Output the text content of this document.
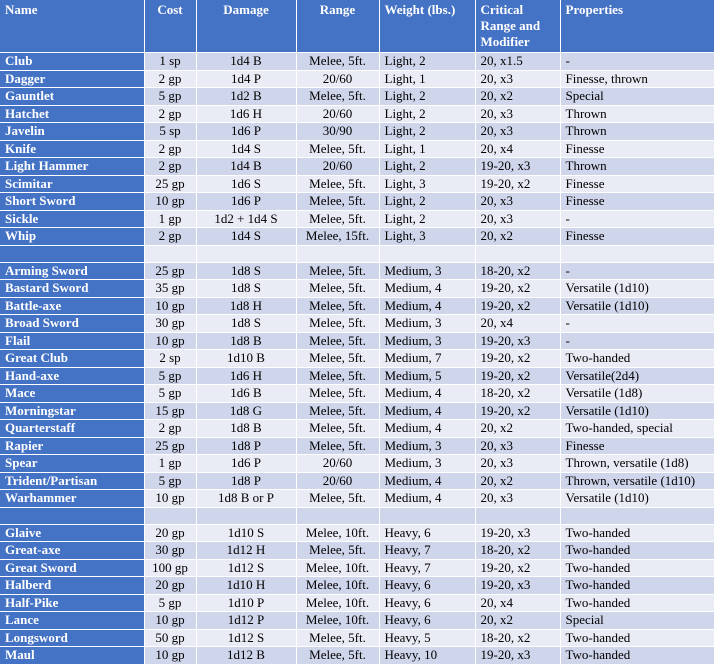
Name	Cost	Damage	Range	Weight (lbs.)	Critical Range and Modifier	Properties
Club	1 sp	1d4 B	Melee, 5ft.	Light, 2	20, x1.5	-
Dagger	2 gp	1d4 P	20/60	Light, 1	20, x3	Finesse, thrown
Gauntlet	5 gp	1d2 B	Melee, 5ft.	Light, 2	20, x2	Special
Hatchet	2 gp	1d6 H	20/60	Light, 2	20, x3	Thrown
Javelin	5 sp	1d6 P	30/90	Light, 2	20, x3	Thrown
Knife	2 gp	1d4 S	Melee, 5ft.	Light, 1	20, x4	Finesse
Light Hammer	2 gp	1d4 B	20/60	Light, 2	19-20, x3	Thrown
Scimitar	25 gp	1d6 S	Melee, 5ft.	Light, 3	19-20, x2	Finesse
Short Sword	10 gp	1d6 P	Melee, 5ft.	Light, 2	20, x3	Finesse
Sickle	1 gp	1d2 + 1d4 S	Melee, 5ft.	Light, 2	20, x3	-
Whip	2 gp	1d4 S	Melee, 15ft.	Light, 3	20, x2	Finesse

Arming Sword	25 gp	1d8 S	Melee, 5ft.	Medium, 3	18-20, x2	-
Bastard Sword	35 gp	1d8 S	Melee, 5ft.	Medium, 4	19-20, x2	Versatile (1d10)
Battle-axe	10 gp	1d8 H	Melee, 5ft.	Medium, 4	19-20, x2	Versatile (1d10)
Broad Sword	30 gp	1d8 S	Melee, 5ft.	Medium, 3	20, x4	-
Flail	10 gp	1d8 B	Melee, 5ft.	Medium, 3	19-20, x3	-
Great Club	2 sp	1d10 B	Melee, 5ft.	Medium, 7	19-20, x2	Two-handed
Hand-axe	5 gp	1d6 H	Melee, 5ft.	Medium, 5	19-20, x2	Versatile(2d4)
Mace	5 gp	1d6 B	Melee, 5ft.	Medium, 4	18-20, x2	Versatile (1d8)
Morningstar	15 gp	1d8 G	Melee, 5ft.	Medium, 4	19-20, x2	Versatile (1d10)
Quarterstaff	2 gp	1d8 B	Melee, 5ft.	Medium, 4	20, x2	Two-handed, special
Rapier	25 gp	1d8 P	Melee, 5ft.	Medium, 3	20, x3	Finesse
Spear	1 gp	1d6 P	20/60	Medium, 3	20, x3	Thrown, versatile (1d8)
Trident/Partisan	5 gp	1d8 P	20/60	Medium, 4	20, x2	Thrown, versatile (1d10)
Warhammer	10 gp	1d8 B or P	Melee, 5ft.	Medium, 4	20, x3	Versatile (1d10)

Glaive	20 gp	1d10 S	Melee, 10ft.	Heavy, 6	19-20, x3	Two-handed
Great-axe	30 gp	1d12 H	Melee, 5ft.	Heavy, 7	18-20, x2	Two-handed
Great Sword	100 gp	1d12 S	Melee, 10ft.	Heavy, 7	19-20, x2	Two-handed
Halberd	20 gp	1d10 H	Melee, 10ft.	Heavy, 6	19-20, x3	Two-handed
Half-Pike	5 gp	1d10 P	Melee, 10ft.	Heavy, 6	20, x4	Two-handed
Lance	10 gp	1d12 P	Melee, 10ft.	Heavy, 6	20, x2	Special
Longsword	50 gp	1d12 S	Melee, 5ft.	Heavy, 5	18-20, x2	Two-handed
Maul	10 gp	1d12 B	Melee, 5ft.	Heavy, 10	19-20, x3	Two-handed
